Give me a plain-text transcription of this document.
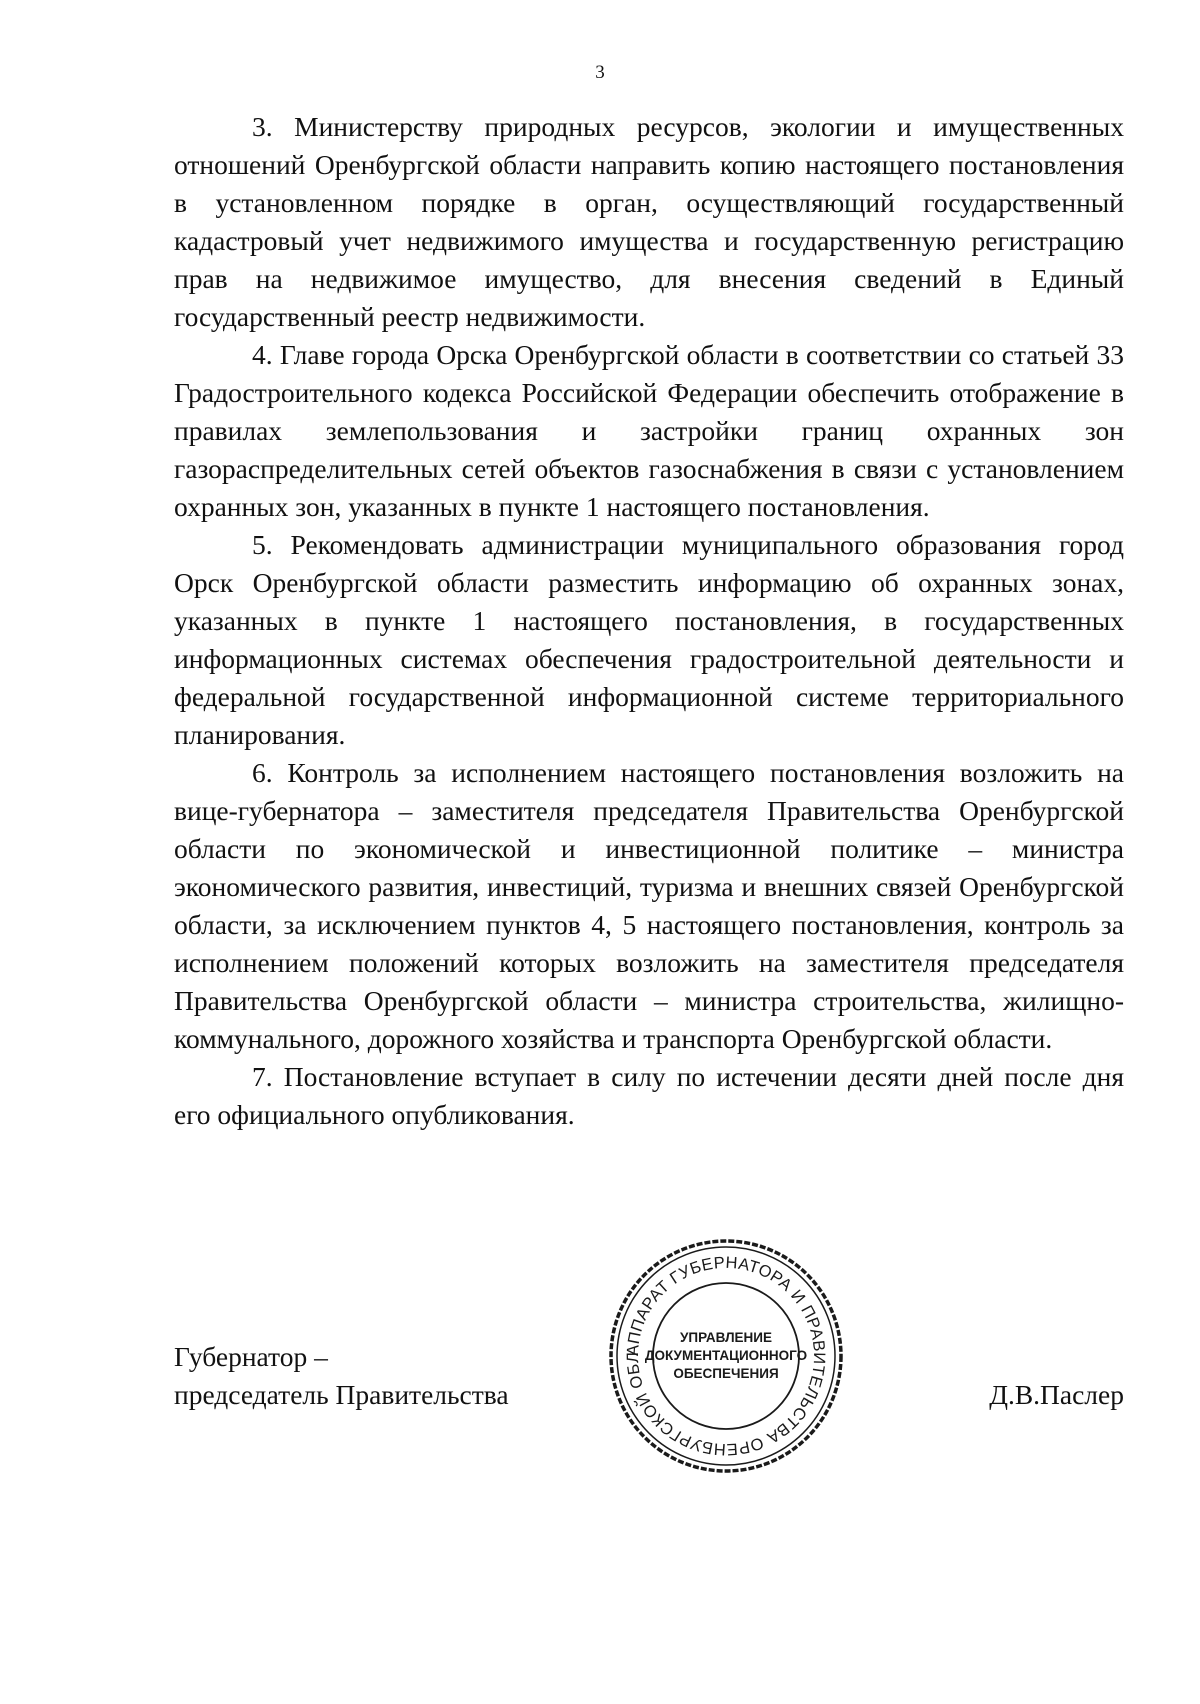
3

3. Министерству природных ресурсов, экологии и имущественных отношений Оренбургской области направить копию настоящего постановления в установленном порядке в орган, осуществляющий государственный кадастровый учет недвижимого имущества и государственную регистрацию прав на недвижимое имущество, для внесения сведений в Единый государственный реестр недвижимости.

4. Главе города Орска Оренбургской области в соответствии со статьей 33 Градостроительного кодекса Российской Федерации обеспечить отображение в правилах землепользования и застройки границ охранных зон газораспределительных сетей объектов газоснабжения в связи с установлением охранных зон, указанных в пункте 1 настоящего постановления.

5. Рекомендовать администрации муниципального образования город Орск Оренбургской области разместить информацию об охранных зонах, указанных в пункте 1 настоящего постановления, в государственных информационных системах обеспечения градостроительной деятельности и федеральной государственной информационной системе территориального планирования.

6. Контроль за исполнением настоящего постановления возложить на вице-губернатора – заместителя председателя Правительства Оренбургской области по экономической и инвестиционной политике – министра экономического развития, инвестиций, туризма и внешних связей Оренбургской области, за исключением пунктов 4, 5 настоящего постановления, контроль за исполнением положений которых возложить на заместителя председателя Правительства Оренбургской области – министра строительства, жилищно-коммунального, дорожного хозяйства и транспорта Оренбургской области.

7. Постановление вступает в силу по истечении десяти дней после дня его официального опубликования.

Губернатор –
председатель Правительства
АППАРАТ ГУБЕРНАТОРА И ПРАВИТЕЛЬСТВА ОРЕНБУРГСКОЙ ОБЛ
УПРАВЛЕНИЕ
ДОКУМЕНТАЦИОННОГО
ОБЕСПЕЧЕНИЯ
Д.В.Паслер
